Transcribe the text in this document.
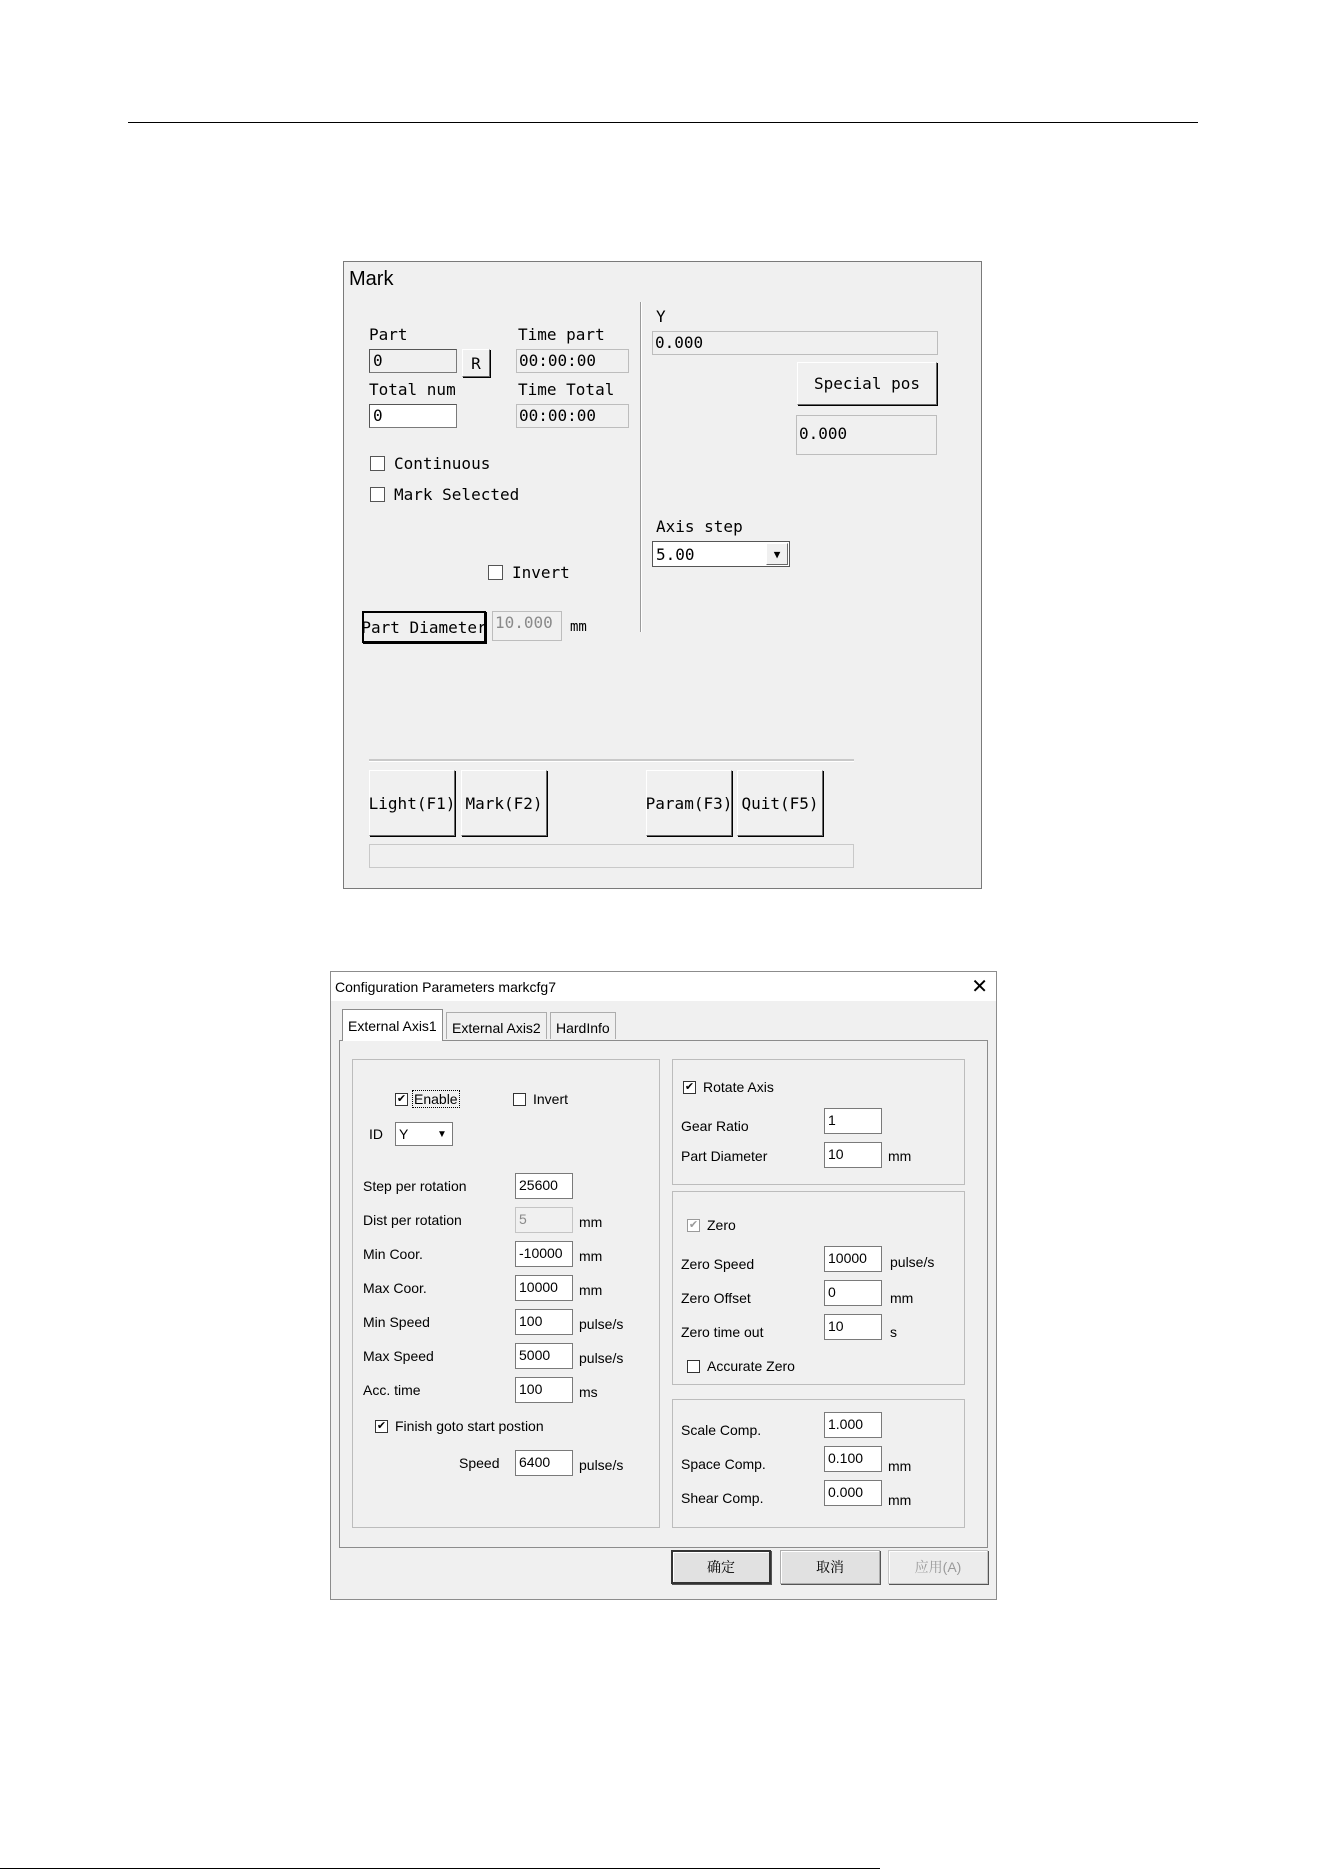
Mark
Part
0	R
Time part
00:00:00
Total num
0
Time Total
00:00:00
Continuous
Mark Selected
Invert
Part Diameter 10.000	mm
Y
0.000
Special pos
0.000
Axis step
5.00	▼
Light(F1) Mark(F2)	Param(F3) Quit(F5)
Configuration Parameters markcfg7	✕
External Axis1	External Axis2	HardInfo
✔ Enable	Invert
ID Y	▼
Step per rotation	25600
Dist per rotation	5	mm
Min Coor.	-10000	mm
Max Coor.	10000	mm
Min Speed	100	pulse/s
Max Speed	5000	pulse/s
Acc. time	100	ms
✔ Finish goto start postion
Speed 6400	pulse/s
✔ Rotate Axis
Gear Ratio	1
Part Diameter	10	mm
✔ Zero
Zero Speed	10000	pulse/s
Zero Offset	0	mm
Zero time out	10	s
Accurate Zero
Scale Comp.	1.000
Space Comp.	0.100	mm
Shear Comp.	0.000	mm
确定	取消	应用(A)
